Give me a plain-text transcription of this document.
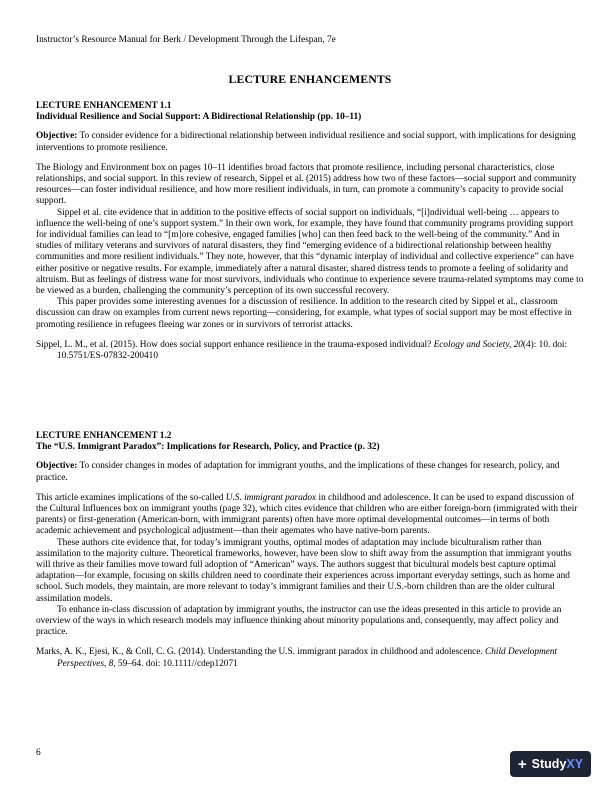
Instructor’s Resource Manual for Berk / Development Through the Lifespan, 7e
LECTURE ENHANCEMENTS

LECTURE ENHANCEMENT 1.1

Individual Resilience and Social Support: A Bidirectional Relationship (pp. 10–11)

Objective: To consider evidence for a bidirectional relationship between individual resilience and social support, with implications for designing interventions to promote resilience.

The Biology and Environment box on pages 10–11 identifies broad factors that promote resilience, including personal characteristics, close relationships, and social support. In this review of research, Sippel et al. (2015) address how two of these factors—social support and community resources—can foster individual resilience, and how more resilient individuals, in turn, can promote a community’s capacity to provide social support.

Sippel et al. cite evidence that in addition to the positive effects of social support on individuals, “[i]ndividual well-being … appears to influence the well-being of one’s support system.” In their own work, for example, they have found that community programs providing support for individual families can lead to “[m]ore cohesive, engaged families [who] can then feed back to the well-being of the community.” And in studies of military veterans and survivors of natural disasters, they find “emerging evidence of a bidirectional relationship between healthy communities and more resilient individuals.” They note, however, that this “dynamic interplay of individual and collective experience” can have either positive or negative results. For example, immediately after a natural disaster, shared distress tends to promote a feeling of solidarity and altruism. But as feelings of distress wane for most survivors, individuals who continue to experience severe trauma-related symptoms may come to be viewed as a burden, challenging the community’s perception of its own successful recovery.

This paper provides some interesting avenues for a discussion of resilience. In addition to the research cited by Sippel et al., classroom discussion can draw on examples from current news reporting—considering, for example, what types of social support may be most effective in promoting resilience in refugees fleeing war zones or in survivors of terrorist attacks.

Sippel, L. M., et al. (2015). How does social support enhance resilience in the trauma-exposed individual? Ecology and Society, 20(4): 10. doi: 10.5751/ES-07832-200410

LECTURE ENHANCEMENT 1.2

The “U.S. Immigrant Paradox”: Implications for Research, Policy, and Practice (p. 32)

Objective: To consider changes in modes of adaptation for immigrant youths, and the implications of these changes for research, policy, and practice.

This article examines implications of the so-called U.S. immigrant paradox in childhood and adolescence. It can be used to expand discussion of the Cultural Influences box on immigrant youths (page 32), which cites evidence that children who are either foreign-born (immigrated with their parents) or first-generation (American-born, with immigrant parents) often have more optimal developmental outcomes—in terms of both academic achievement and psychological adjustment—than their agemates who have native-born parents.

These authors cite evidence that, for today’s immigrant youths, optimal modes of adaptation may include biculturalism rather than assimilation to the majority culture. Theoretical frameworks, however, have been slow to shift away from the assumption that immigrant youths will thrive as their families move toward full adoption of “American” ways. The authors suggest that bicultural models best capture optimal adaptation—for example, focusing on skills children need to coordinate their experiences across important everyday settings, such as home and school. Such models, they maintain, are more relevant to today’s immigrant families and their U.S.-born children than are the older cultural assimilation models.

To enhance in-class discussion of adaptation by immigrant youths, the instructor can use the ideas presented in this article to provide an overview of the ways in which research models may influence thinking about minority populations and, consequently, may affect policy and practice.

Marks, A. K., Ejesi, K., & Coll, C. G. (2014). Understanding the U.S. immigrant paradox in childhood and adolescence. Child Development Perspectives, 8, 59–64. doi: 10.1111//cdep12071

6
+ Study XY
